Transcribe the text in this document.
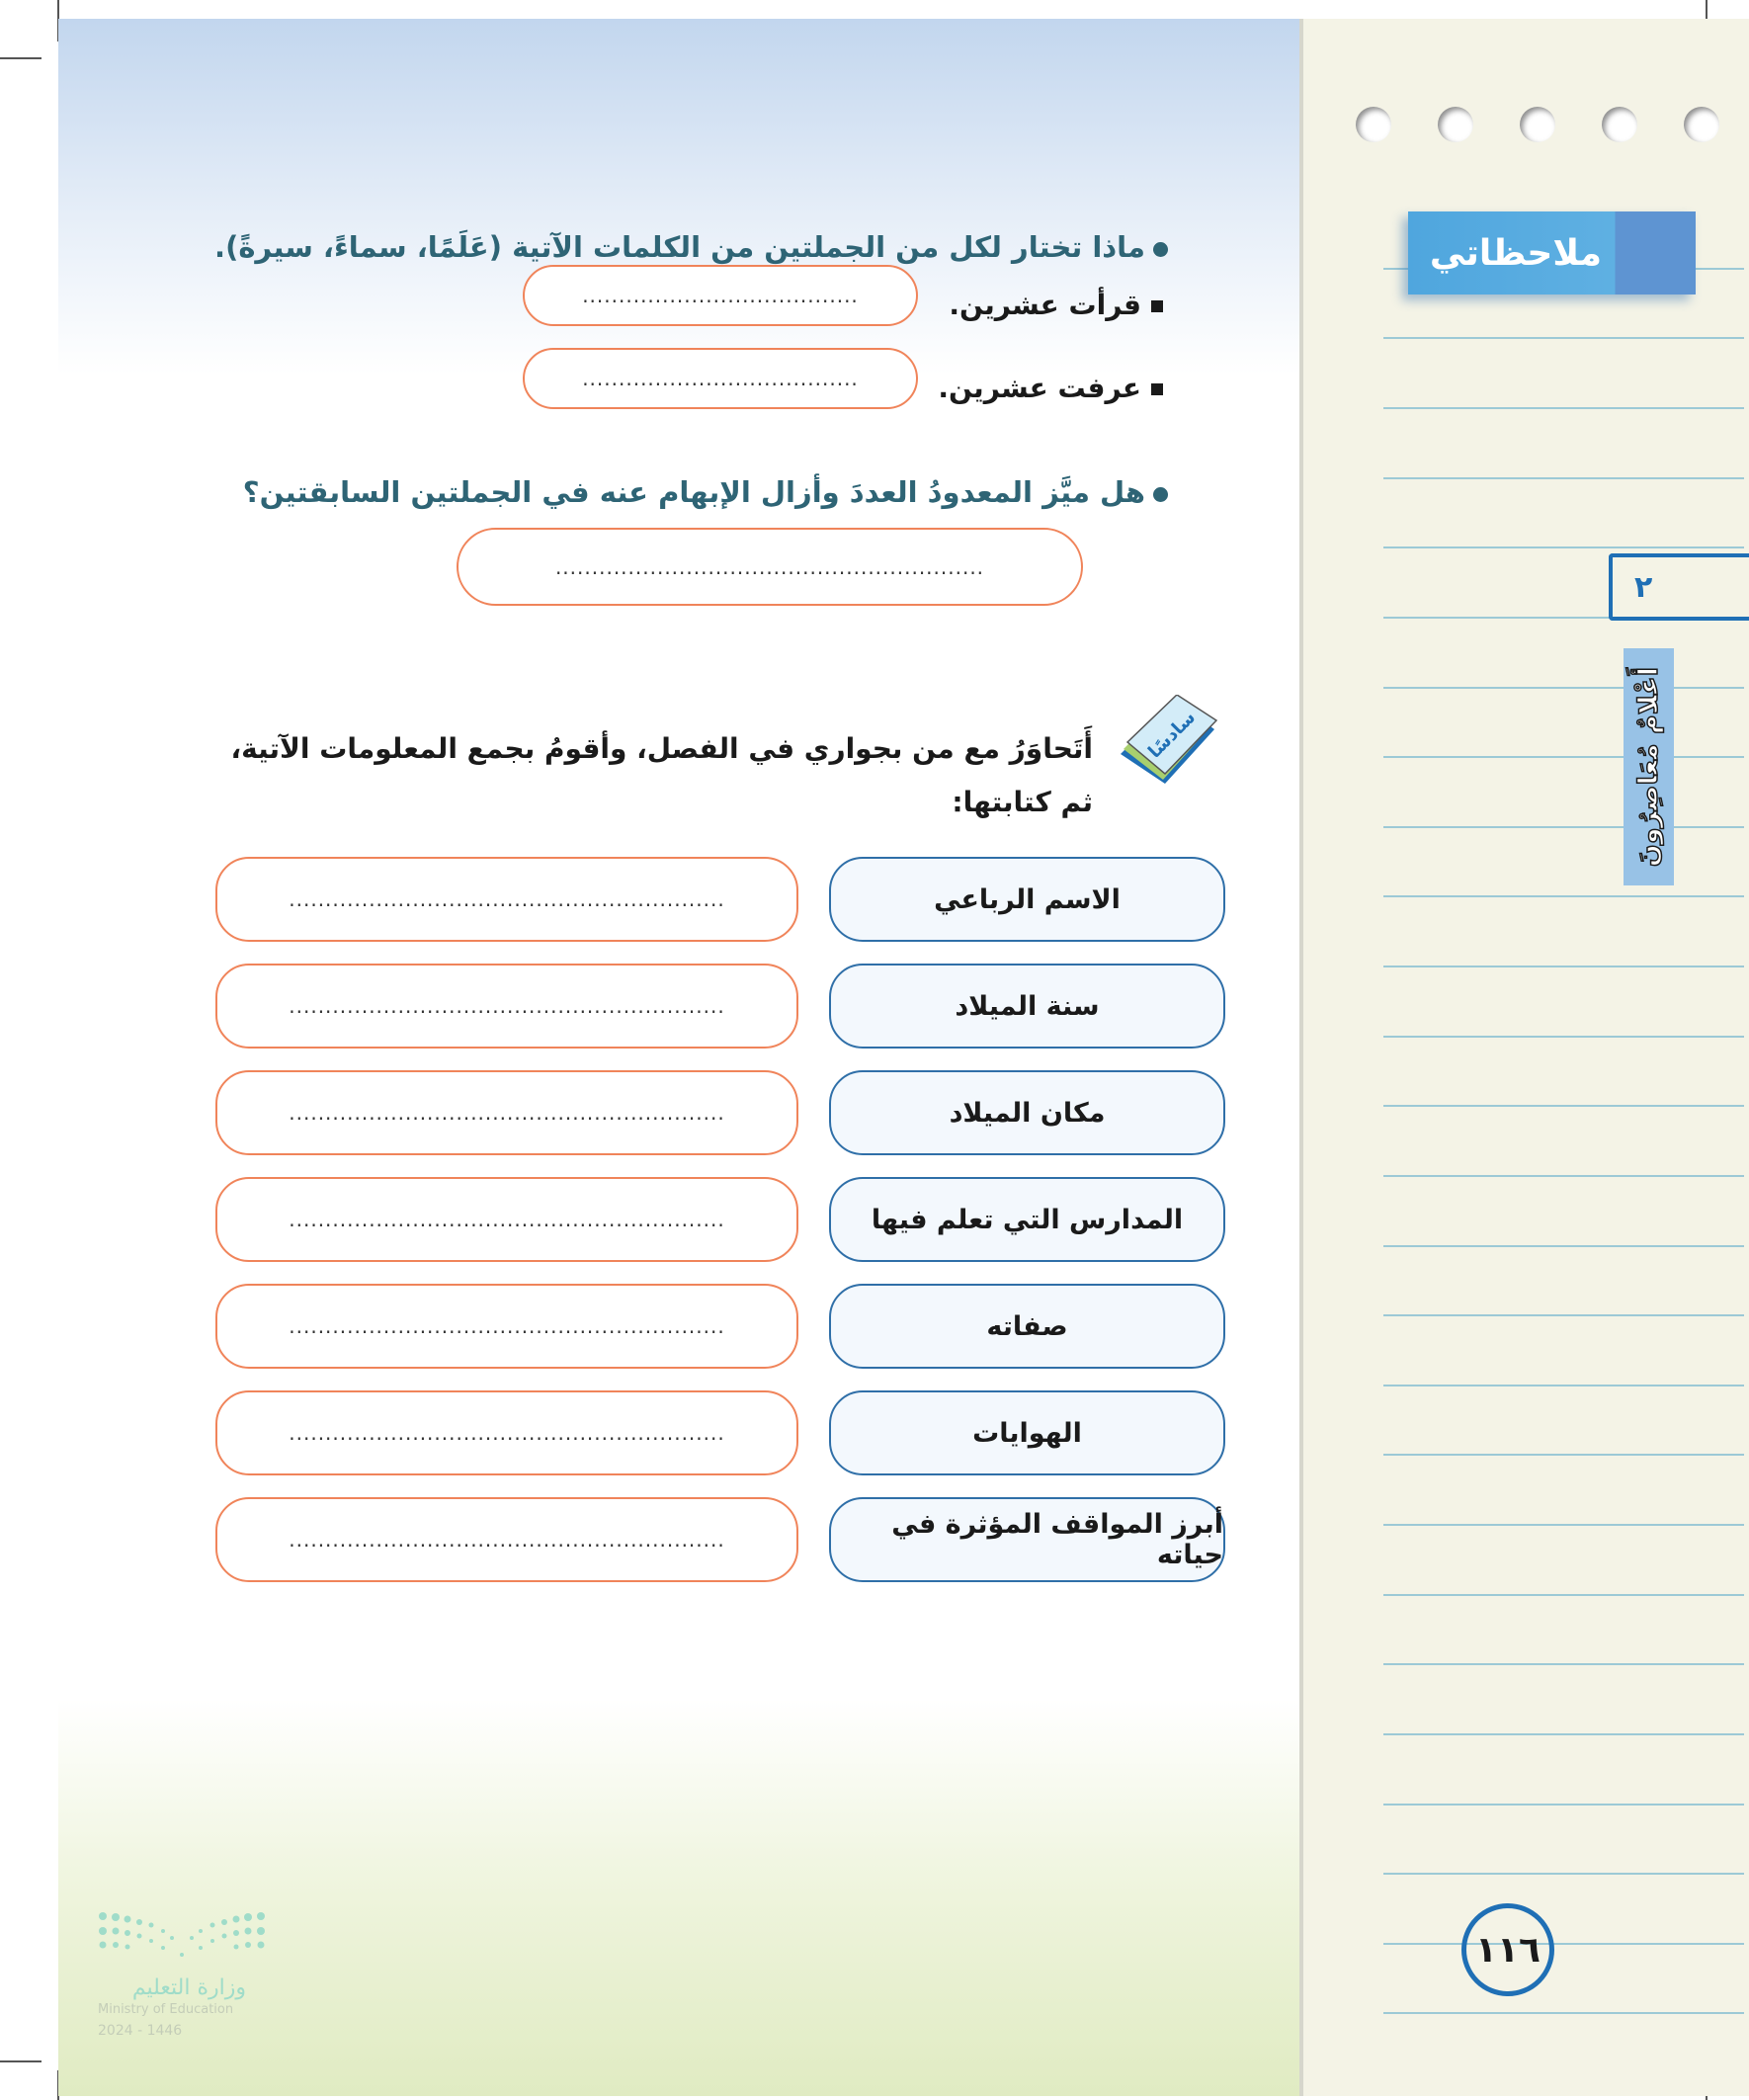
ماذا تختار لكل من الجملتين من الكلمات الآتية (عَلَمًا، سماءً، سيرةً).
قرأت عشرين.
......................................
عرفت عشرين.
......................................
هل ميَّز المعدودُ العددَ وأزال الإبهام عنه في الجملتين السابقتين؟
...........................................................
سادسًا
أَتَحاوَرُ مع من بجواري في الفصل، وأقومُ بجمع المعلومات الآتية، ثم كتابتها:
الاسم الرباعي
............................................................
سنة الميلاد
............................................................
مكان الميلاد
............................................................
المدارس التي تعلم فيها
............................................................
صفاته
............................................................
الهوايات
............................................................
أبرز المواقف المؤثرة في حياته
............................................................
وزارة التعليم
Ministry of Education
2024 - 1446
ملاحظاتي
٢
أَعْلامٌ مُعَاصِرُونَ
١١٦
